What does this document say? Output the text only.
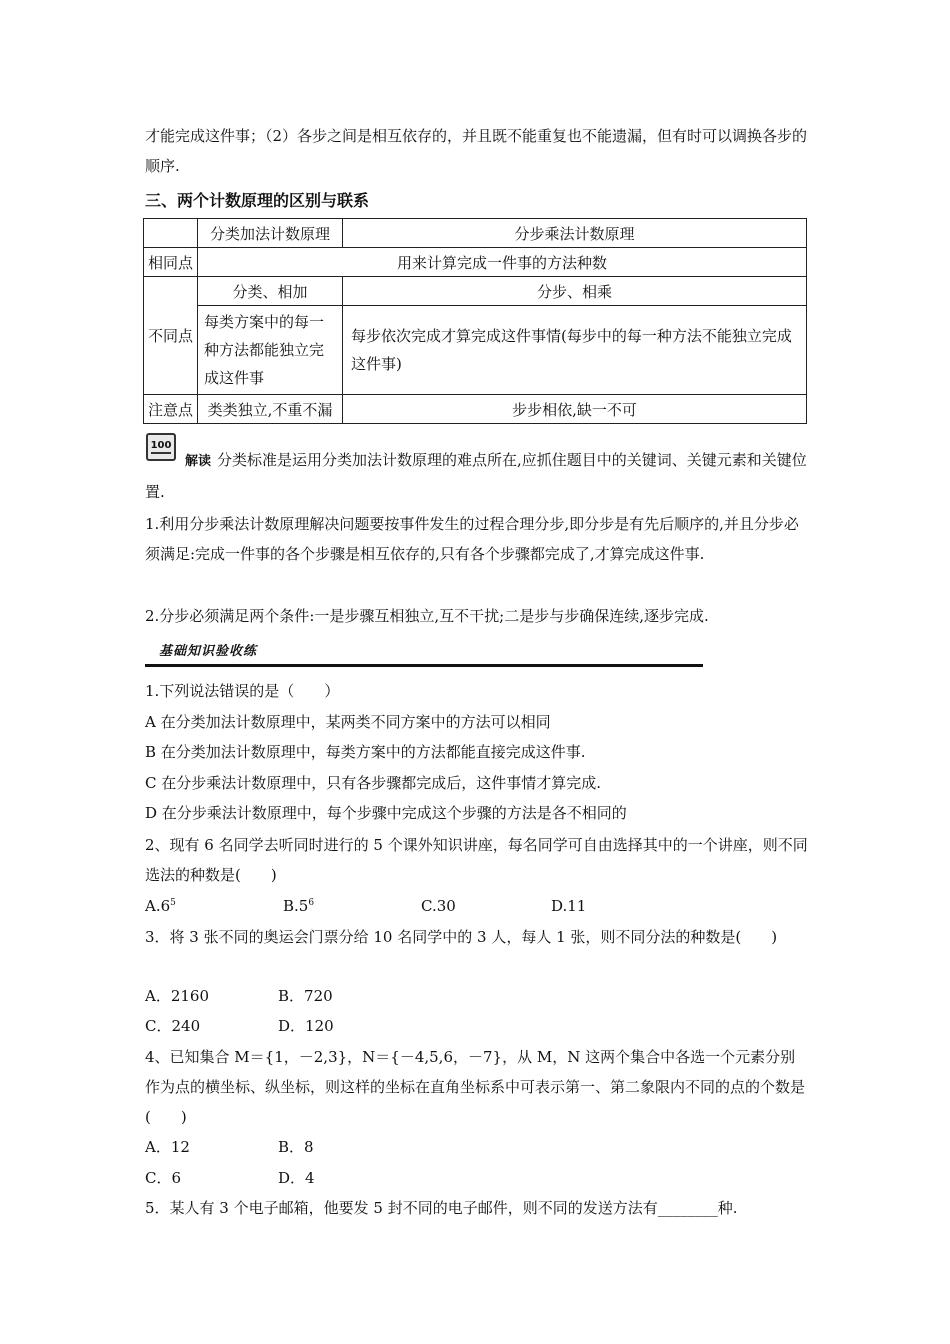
才能完成这件事；（2）各步之间是相互依存的，并且既不能重复也不能遗漏，但有时可以调换各步的顺序.

三、两个计数原理的区别与联系

	分类加法计数原理	分步乘法计数原理
相同点	用来计算完成一件事的方法种数	
不同点	分类、相加	分步、相乘
	每类方案中的每一种方法都能独立完成这件事	每步依次完成才算完成这件事情(每步中的每一种方法不能独立完成这件事)
注意点	类类独立,不重不漏	步步相依,缺一不可
100

解读 分类标准是运用分类加法计数原理的难点所在,应抓住题目中的关键词、关键元素和关键位置.

1.利用分步乘法计数原理解决问题要按事件发生的过程合理分步,即分步是有先后顺序的,并且分步必须满足:完成一件事的各个步骤是相互依存的,只有各个步骤都完成了,才算完成这件事.

2.分步必须满足两个条件:一是步骤互相独立,互不干扰;二是步与步确保连续,逐步完成.

基础知识验收练

1.下列说法错误的是（　　）

A 在分类加法计数原理中，某两类不同方案中的方法可以相同

B 在分类加法计数原理中，每类方案中的方法都能直接完成这件事.

C 在分步乘法计数原理中，只有各步骤都完成后，这件事情才算完成.

D 在分步乘法计数原理中，每个步骤中完成这个步骤的方法是各不相同的

2、现有 6 名同学去听同时进行的 5 个课外知识讲座，每名同学可自由选择其中的一个讲座，则不同选法的种数是(　　)

$A.6^5$	$B.5^6$	C.30	D.11

3．将 3 张不同的奥运会门票分给 10 名同学中的 3 人，每人 1 张，则不同分法的种数是(　　)

A．2160	B．720
C．240	D．120

4、已知集合 M＝{1，－2,3}，N＝{－4,5,6，－7}，从 M，N 这两个集合中各选一个元素分别作为点的横坐标、纵坐标，则这样的坐标在直角坐标系中可表示第一、第二象限内不同的点的个数是(　　)

A．12	B．8
C．6	D．4

5．某人有 3 个电子邮箱，他要发 5 封不同的电子邮件，则不同的发送方法有________种.
